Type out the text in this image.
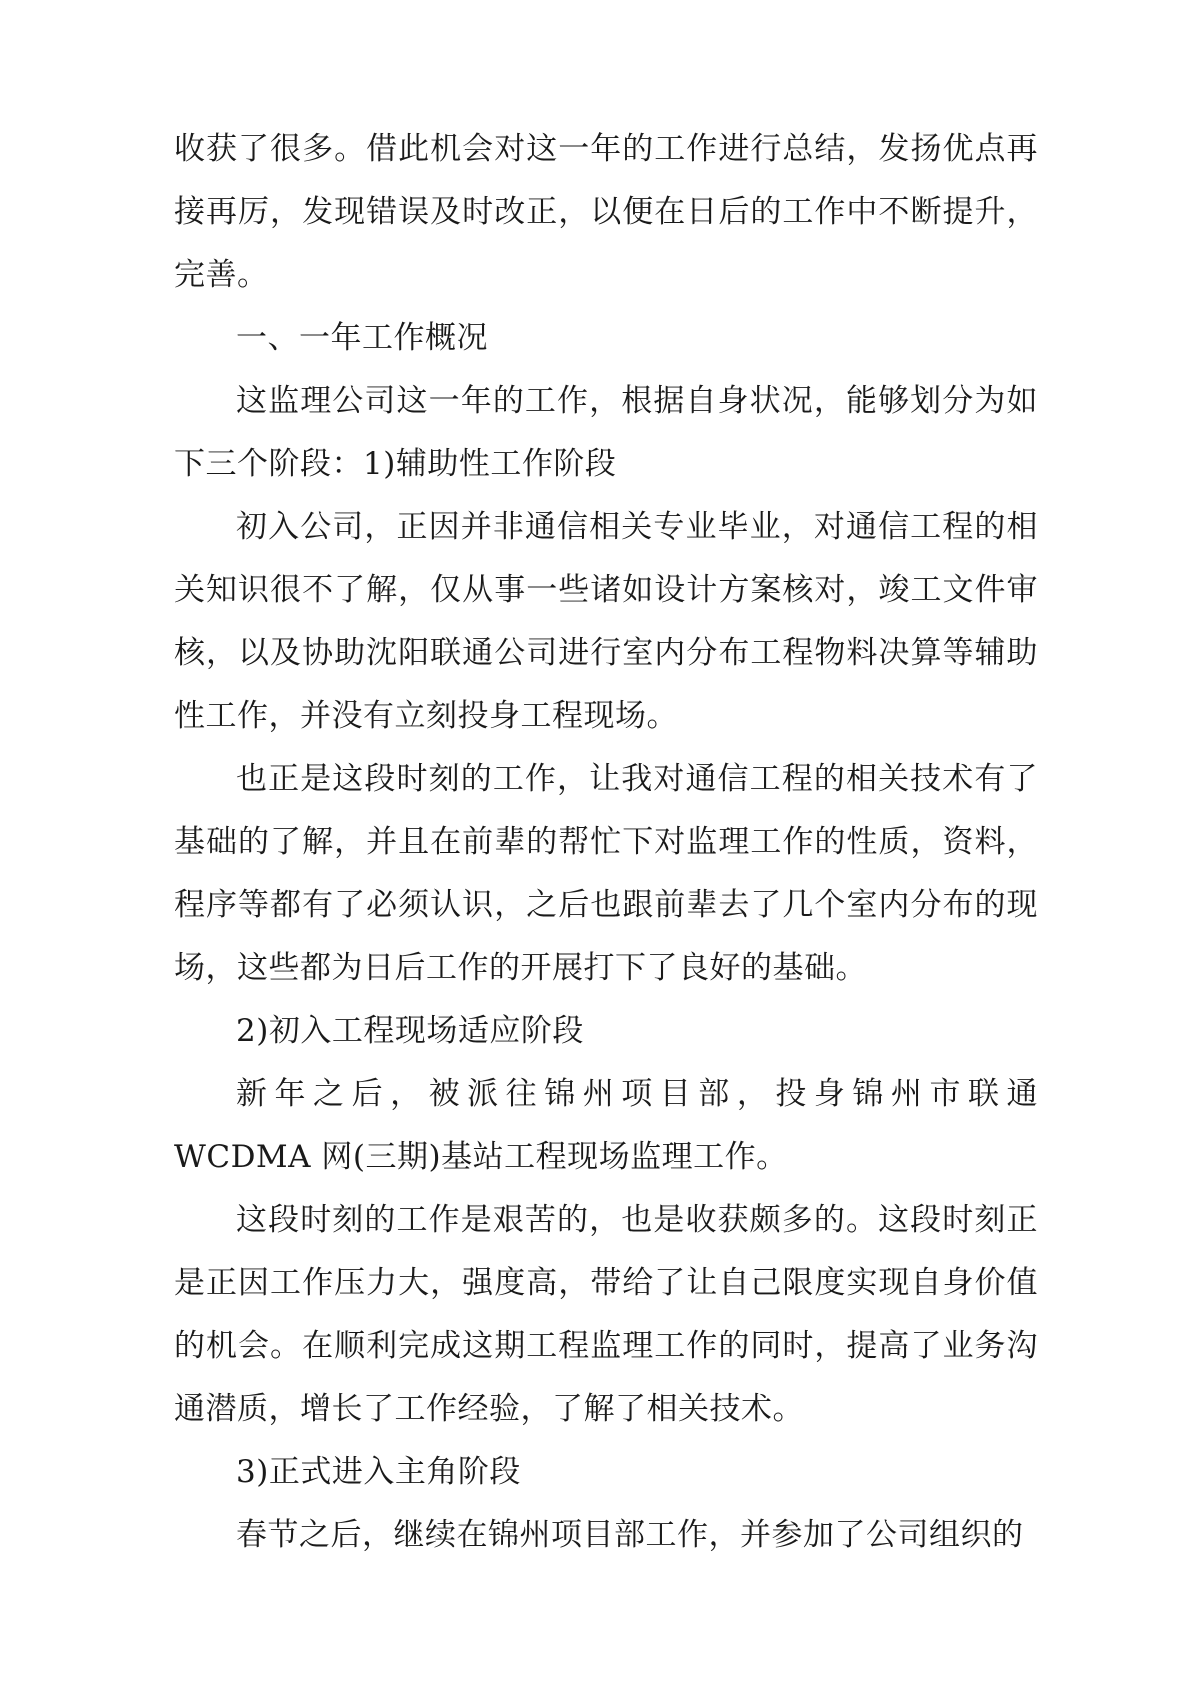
收获了很多。借此机会对这一年的工作进行总结，发扬优点再接再厉，发现错误及时改正，以便在日后的工作中不断提升，完善。

一、一年工作概况

这监理公司这一年的工作，根据自身状况，能够划分为如下三个阶段：1)辅助性工作阶段

初入公司，正因并非通信相关专业毕业，对通信工程的相关知识很不了解，仅从事一些诸如设计方案核对，竣工文件审核，以及协助沈阳联通公司进行室内分布工程物料决算等辅助性工作，并没有立刻投身工程现场。

也正是这段时刻的工作，让我对通信工程的相关技术有了基础的了解，并且在前辈的帮忙下对监理工作的性质，资料，程序等都有了必须认识，之后也跟前辈去了几个室内分布的现场，这些都为日后工作的开展打下了良好的基础。

2)初入工程现场适应阶段

新年之后，被派往锦州项目部，投身锦州市联通 WCDMA 网(三期)基站工程现场监理工作。

这段时刻的工作是艰苦的，也是收获颇多的。这段时刻正是正因工作压力大，强度高，带给了让自己限度实现自身价值的机会。在顺利完成这期工程监理工作的同时，提高了业务沟通潜质，增长了工作经验，了解了相关技术。

3)正式进入主角阶段

春节之后，继续在锦州项目部工作，并参加了公司组织的
